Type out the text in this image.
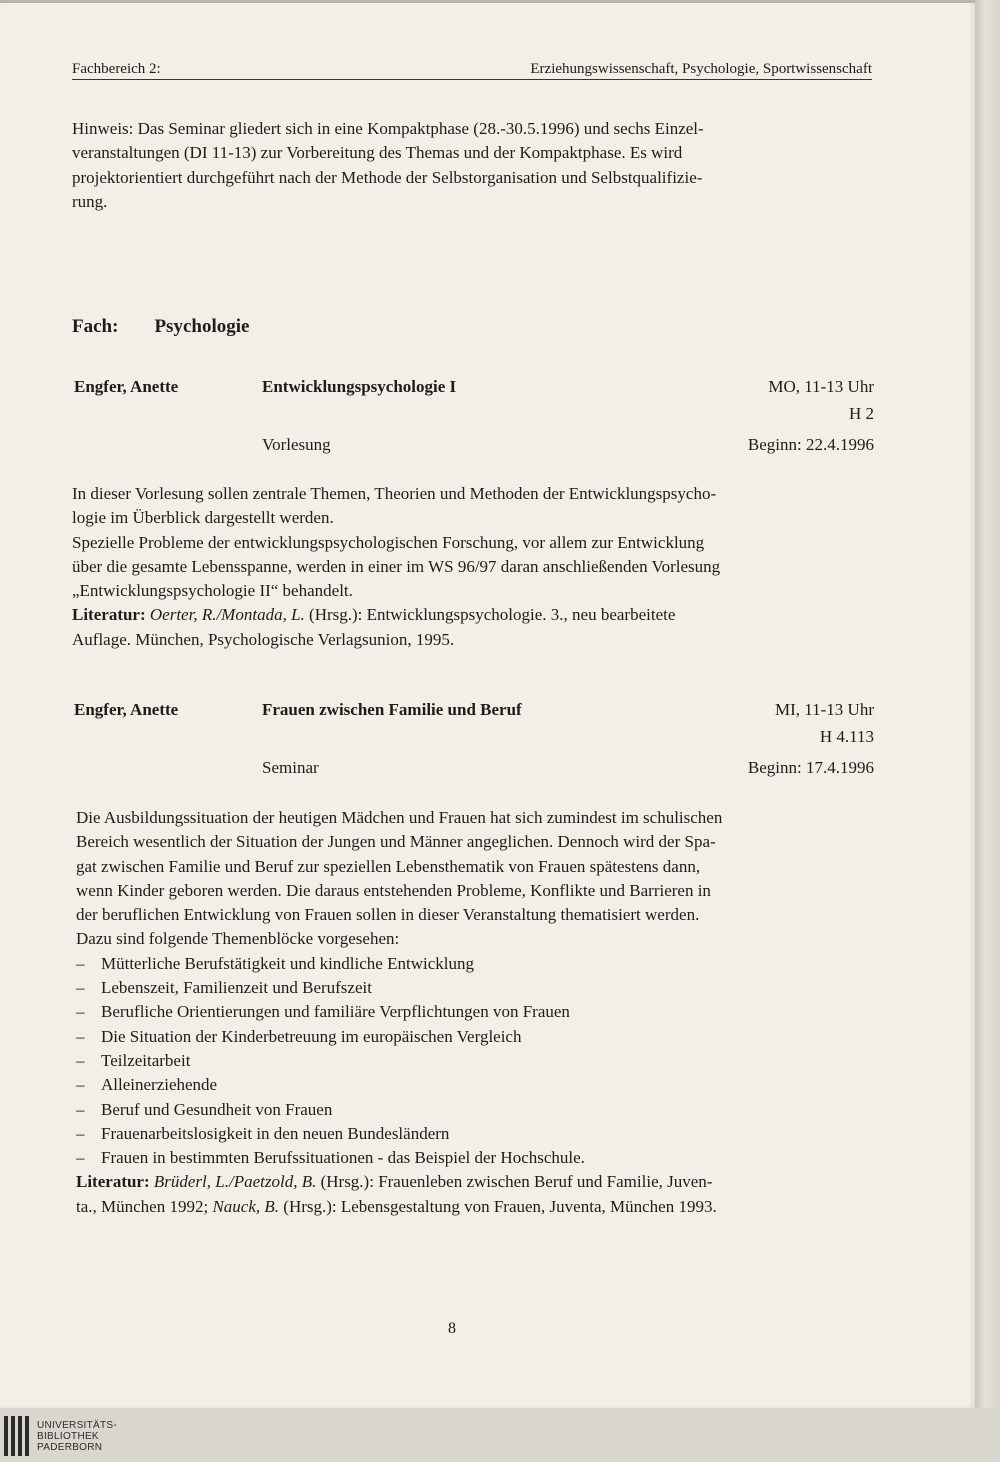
Fachbereich 2:	Erziehungswissenschaft, Psychologie, Sportwissenschaft
Hinweis: Das Seminar gliedert sich in eine Kompaktphase (28.-30.5.1996) und sechs Einzel-
veranstaltungen (DI 11-13) zur Vorbereitung des Themas und der Kompaktphase. Es wird
projektorientiert durchgeführt nach der Methode der Selbstorganisation und Selbstqualifizie-
rung.
Fach: Psychologie
Engfer, Anette	Entwicklungspsychologie I	MO, 11-13 Uhr
H 2
Vorlesung	Beginn: 22.4.1996
In dieser Vorlesung sollen zentrale Themen, Theorien und Methoden der Entwicklungspsycho-
logie im Überblick dargestellt werden.
Spezielle Probleme der entwicklungspsychologischen Forschung, vor allem zur Entwicklung
über die gesamte Lebensspanne, werden in einer im WS 96/97 daran anschließenden Vorlesung
„Entwicklungspsychologie II“ behandelt.
Literatur: Oerter, R./Montada, L. (Hrsg.): Entwicklungspsychologie. 3., neu bearbeitete
Auflage. München, Psychologische Verlagsunion, 1995.
Engfer, Anette	Frauen zwischen Familie und Beruf	MI, 11-13 Uhr
H 4.113
Seminar	Beginn: 17.4.1996
Die Ausbildungssituation der heutigen Mädchen und Frauen hat sich zumindest im schulischen
Bereich wesentlich der Situation der Jungen und Männer angeglichen. Dennoch wird der Spa-
gat zwischen Familie und Beruf zur speziellen Lebensthematik von Frauen spätestens dann,
wenn Kinder geboren werden. Die daraus entstehenden Probleme, Konflikte und Barrieren in
der beruflichen Entwicklung von Frauen sollen in dieser Veranstaltung thematisiert werden.
Dazu sind folgende Themenblöcke vorgesehen:
– Mütterliche Berufstätigkeit und kindliche Entwicklung
– Lebenszeit, Familienzeit und Berufszeit
– Berufliche Orientierungen und familiäre Verpflichtungen von Frauen
– Die Situation der Kinderbetreuung im europäischen Vergleich
– Teilzeitarbeit
– Alleinerziehende
– Beruf und Gesundheit von Frauen
– Frauenarbeitslosigkeit in den neuen Bundesländern
– Frauen in bestimmten Berufssituationen - das Beispiel der Hochschule.
Literatur: Brüderl, L./Paetzold, B. (Hrsg.): Frauenleben zwischen Beruf und Familie, Juven-
ta., München 1992; Nauck, B. (Hrsg.): Lebensgestaltung von Frauen, Juventa, München 1993.
8
UNIVERSITÄTS-
BIBLIOTHEK
PADERBORN
